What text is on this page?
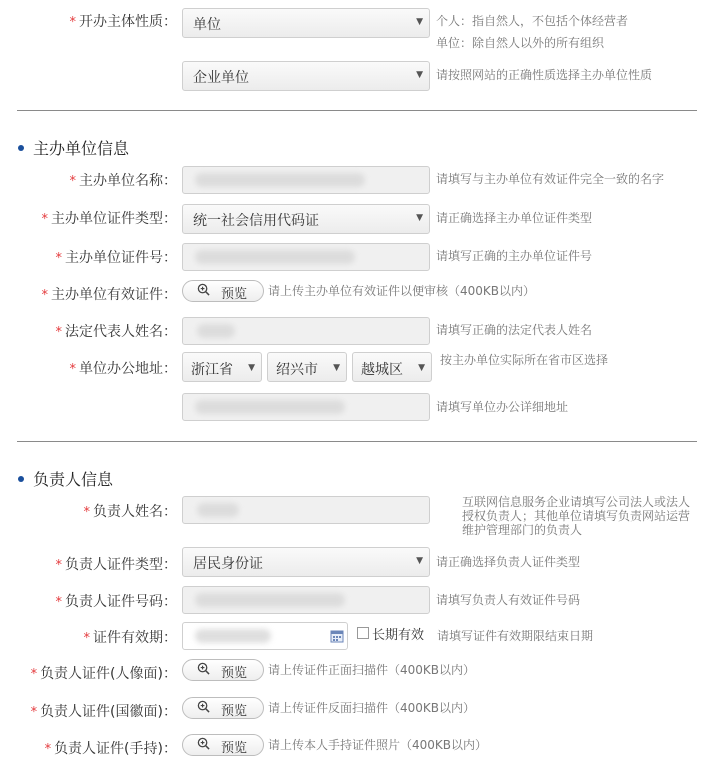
* 开办主体性质： 单位	▼ 个人：指自然人，不包括个体经营者
单位：除自然人以外的所有组织
企业单位	▼ 请按照网站的正确性质选择主办单位性质
主办单位信息
* 主办单位名称：	请填写与主办单位有效证件完全一致的名字
* 主办单位证件类型： 统一社会信用代码证	▼ 请正确选择主办单位证件类型
* 主办单位证件号：	请填写正确的主办单位证件号
* 主办单位有效证件：	预览 请上传主办单位有效证件以便审核（400KB以内）
* 法定代表人姓名：	请填写正确的法定代表人姓名
* 单位办公地址： 浙江省 ▼ 绍兴市 ▼ 越城区 ▼
按主办单位实际所在省市区选择
请填写单位办公详细地址
负责人信息
* 负责人姓名：
互联网信息服务企业请填写公司法人或法人
授权负责人；其他单位请填写负责网站运营
维护管理部门的负责人
* 负责人证件类型： 居民身份证	▼ 请正确选择负责人证件类型
* 负责人证件号码：	请填写负责人有效证件号码
* 证件有效期：	长期有效 请填写证件有效期限结束日期
* 负责人证件(人像面)：	预览 请上传证件正面扫描件（400KB以内）
* 负责人证件(国徽面)：	预览 请上传证件反面扫描件（400KB以内）
* 负责人证件(手持)：	预览 请上传本人手持证件照片（400KB以内）
